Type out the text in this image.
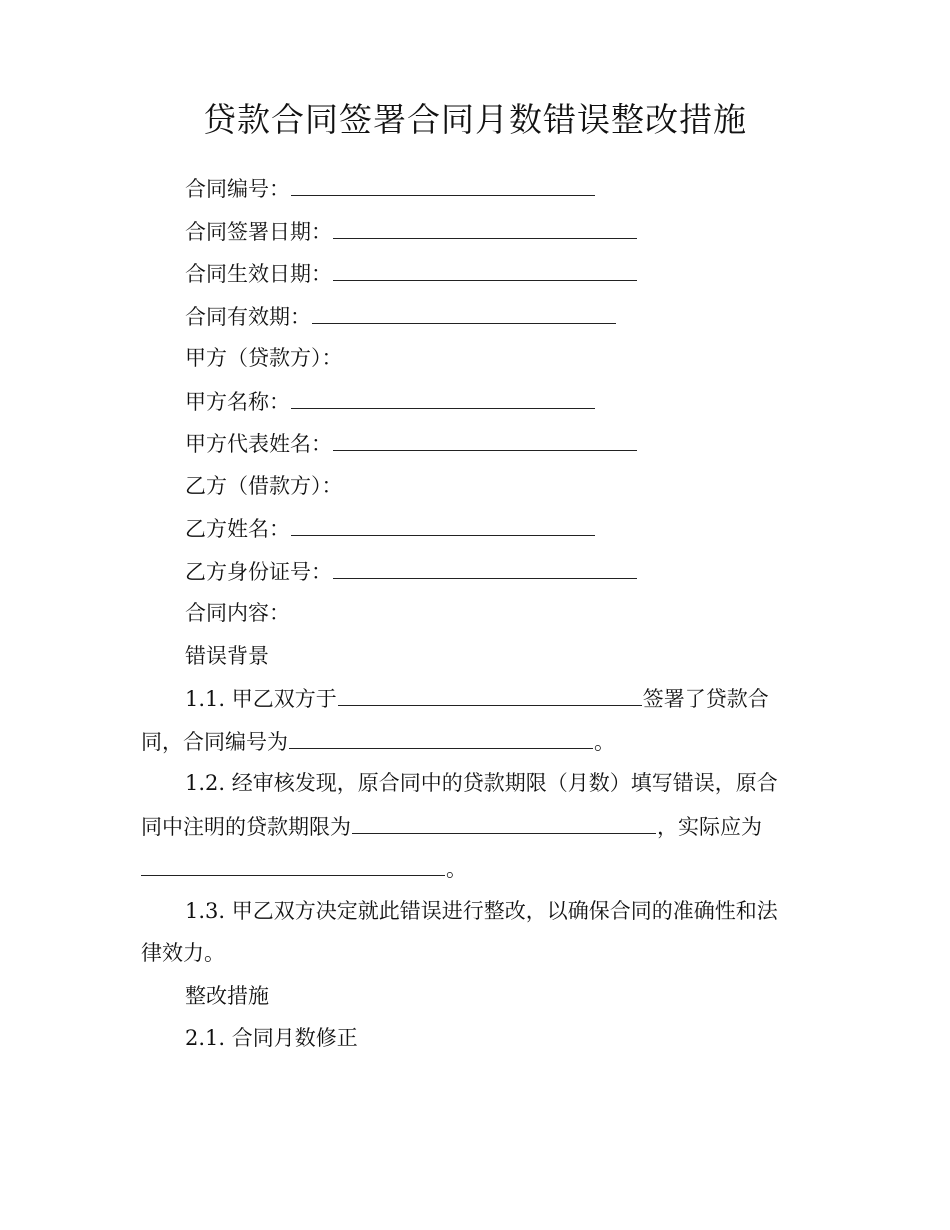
贷款合同签署合同月数错误整改措施
合同编号：
合同签署日期：
合同生效日期：
合同有效期：
甲方（贷款方）：
甲方名称：
甲方代表姓名：
乙方（借款方）：
乙方姓名：
乙方身份证号：
合同内容：
错误背景
1.1. 甲乙双方于	签署了贷款合
同，合同编号为	。
1.2. 经审核发现，原合同中的贷款期限（月数）填写错误，原合
同中注明的贷款期限为	，实际应为
。
1.3. 甲乙双方决定就此错误进行整改，以确保合同的准确性和法
律效力。
整改措施
2.1. 合同月数修正
